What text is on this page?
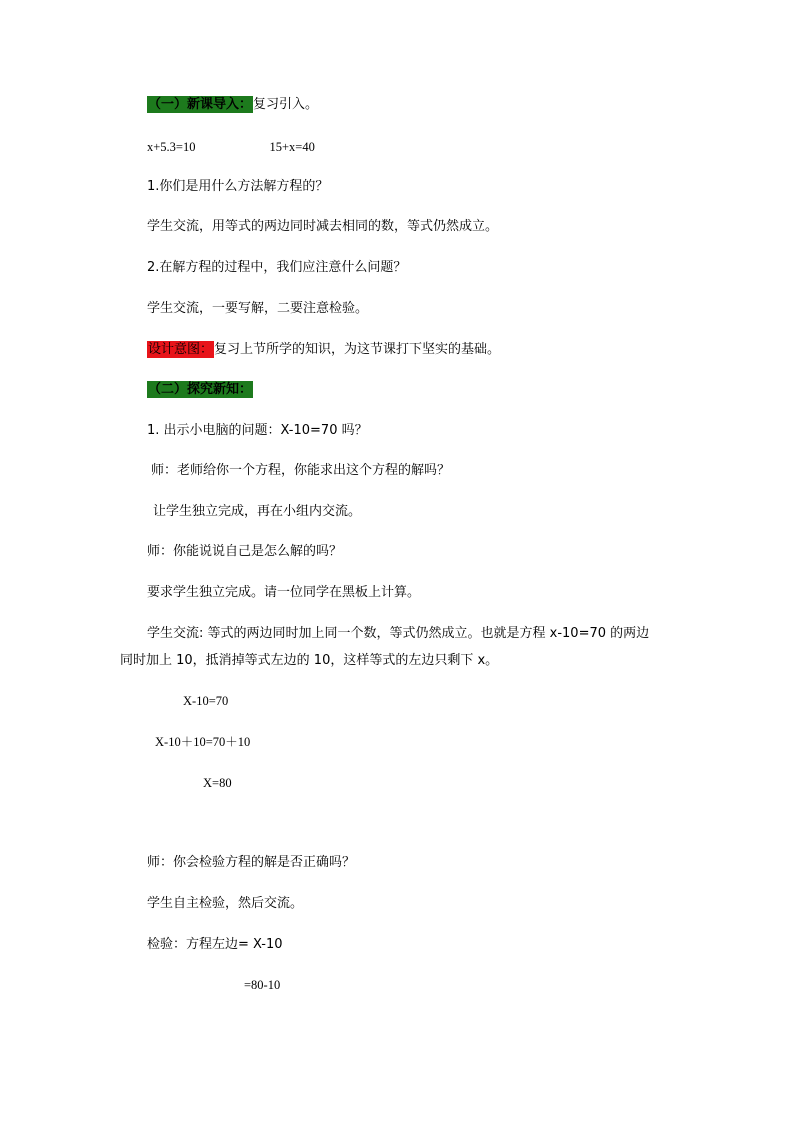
（一）新课导入：复习引入。
x+5.3=10	15+x=40
1.你们是用什么方法解方程的？
学生交流，用等式的两边同时减去相同的数，等式仍然成立。
2.在解方程的过程中，我们应注意什么问题？
学生交流，一要写解，二要注意检验。
设计意图：复习上节所学的知识，为这节课打下坚实的基础。
（二）探究新知：
1. 出示小电脑的问题：X-10=70 吗？
师：老师给你一个方程，你能求出这个方程的解吗？
让学生独立完成，再在小组内交流。
师：你能说说自己是怎么解的吗？
要求学生独立完成。请一位同学在黑板上计算。
学生交流: 等式的两边同时加上同一个数，等式仍然成立。也就是方程 x-10=70 的两边
同时加上 10，抵消掉等式左边的 10，这样等式的左边只剩下 x。
X-10=70
X-10＋10=70＋10
X=80
师：你会检验方程的解是否正确吗？
学生自主检验，然后交流。
检验：方程左边= X-10
=80-10
